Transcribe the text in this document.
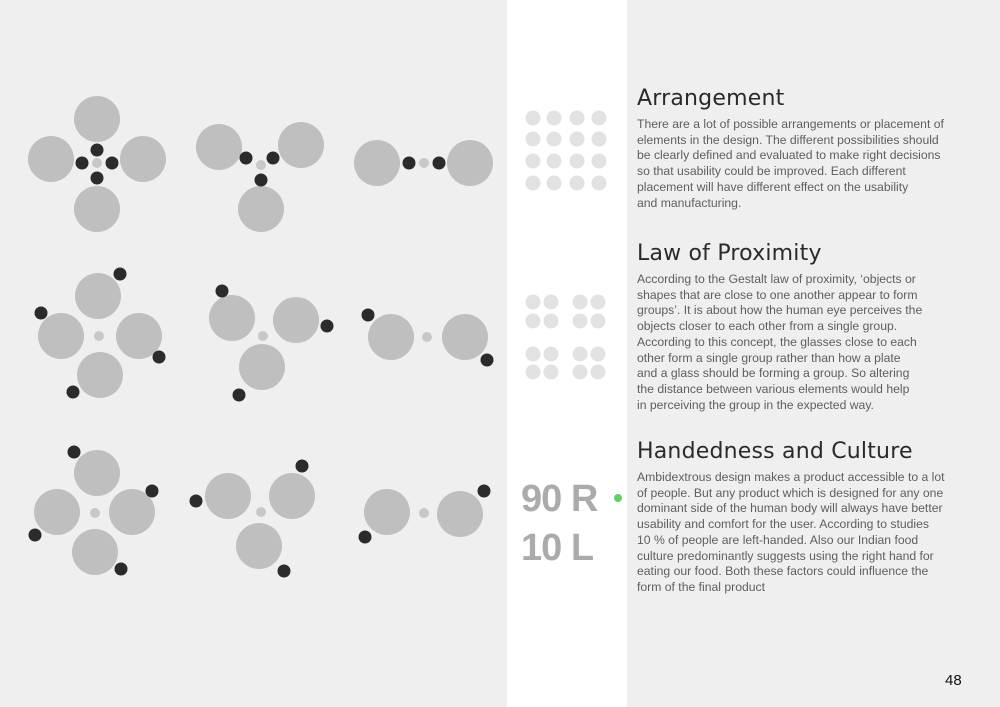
90 R
10 L
Arrangement

There are a lot of possible arrangements or placement of
elements in the design. The different possibilities should
be clearly defined and evaluated to make right decisions
so that usability could be improved. Each different
placement will have different effect on the usability
and manufacturing.

Law of Proximity

According to the Gestalt law of proximity, ‘objects or
shapes that are close to one another appear to form
groups’. It is about how the human eye perceives the
objects closer to each other from a single group.
According to this concept, the glasses close to each
other form a single group rather than how a plate
and a glass should be forming a group. So altering
the distance between various elements would help
in perceiving the group in the expected way.

Handedness and Culture

Ambidextrous design makes a product accessible to a lot
of people. But any product which is designed for any one
dominant side of the human body will always have better
usability and comfort for the user. According to studies
10 % of people are left-handed. Also our Indian food
culture predominantly suggests using the right hand for
eating our food. Both these factors could influence the
form of the final product

48
